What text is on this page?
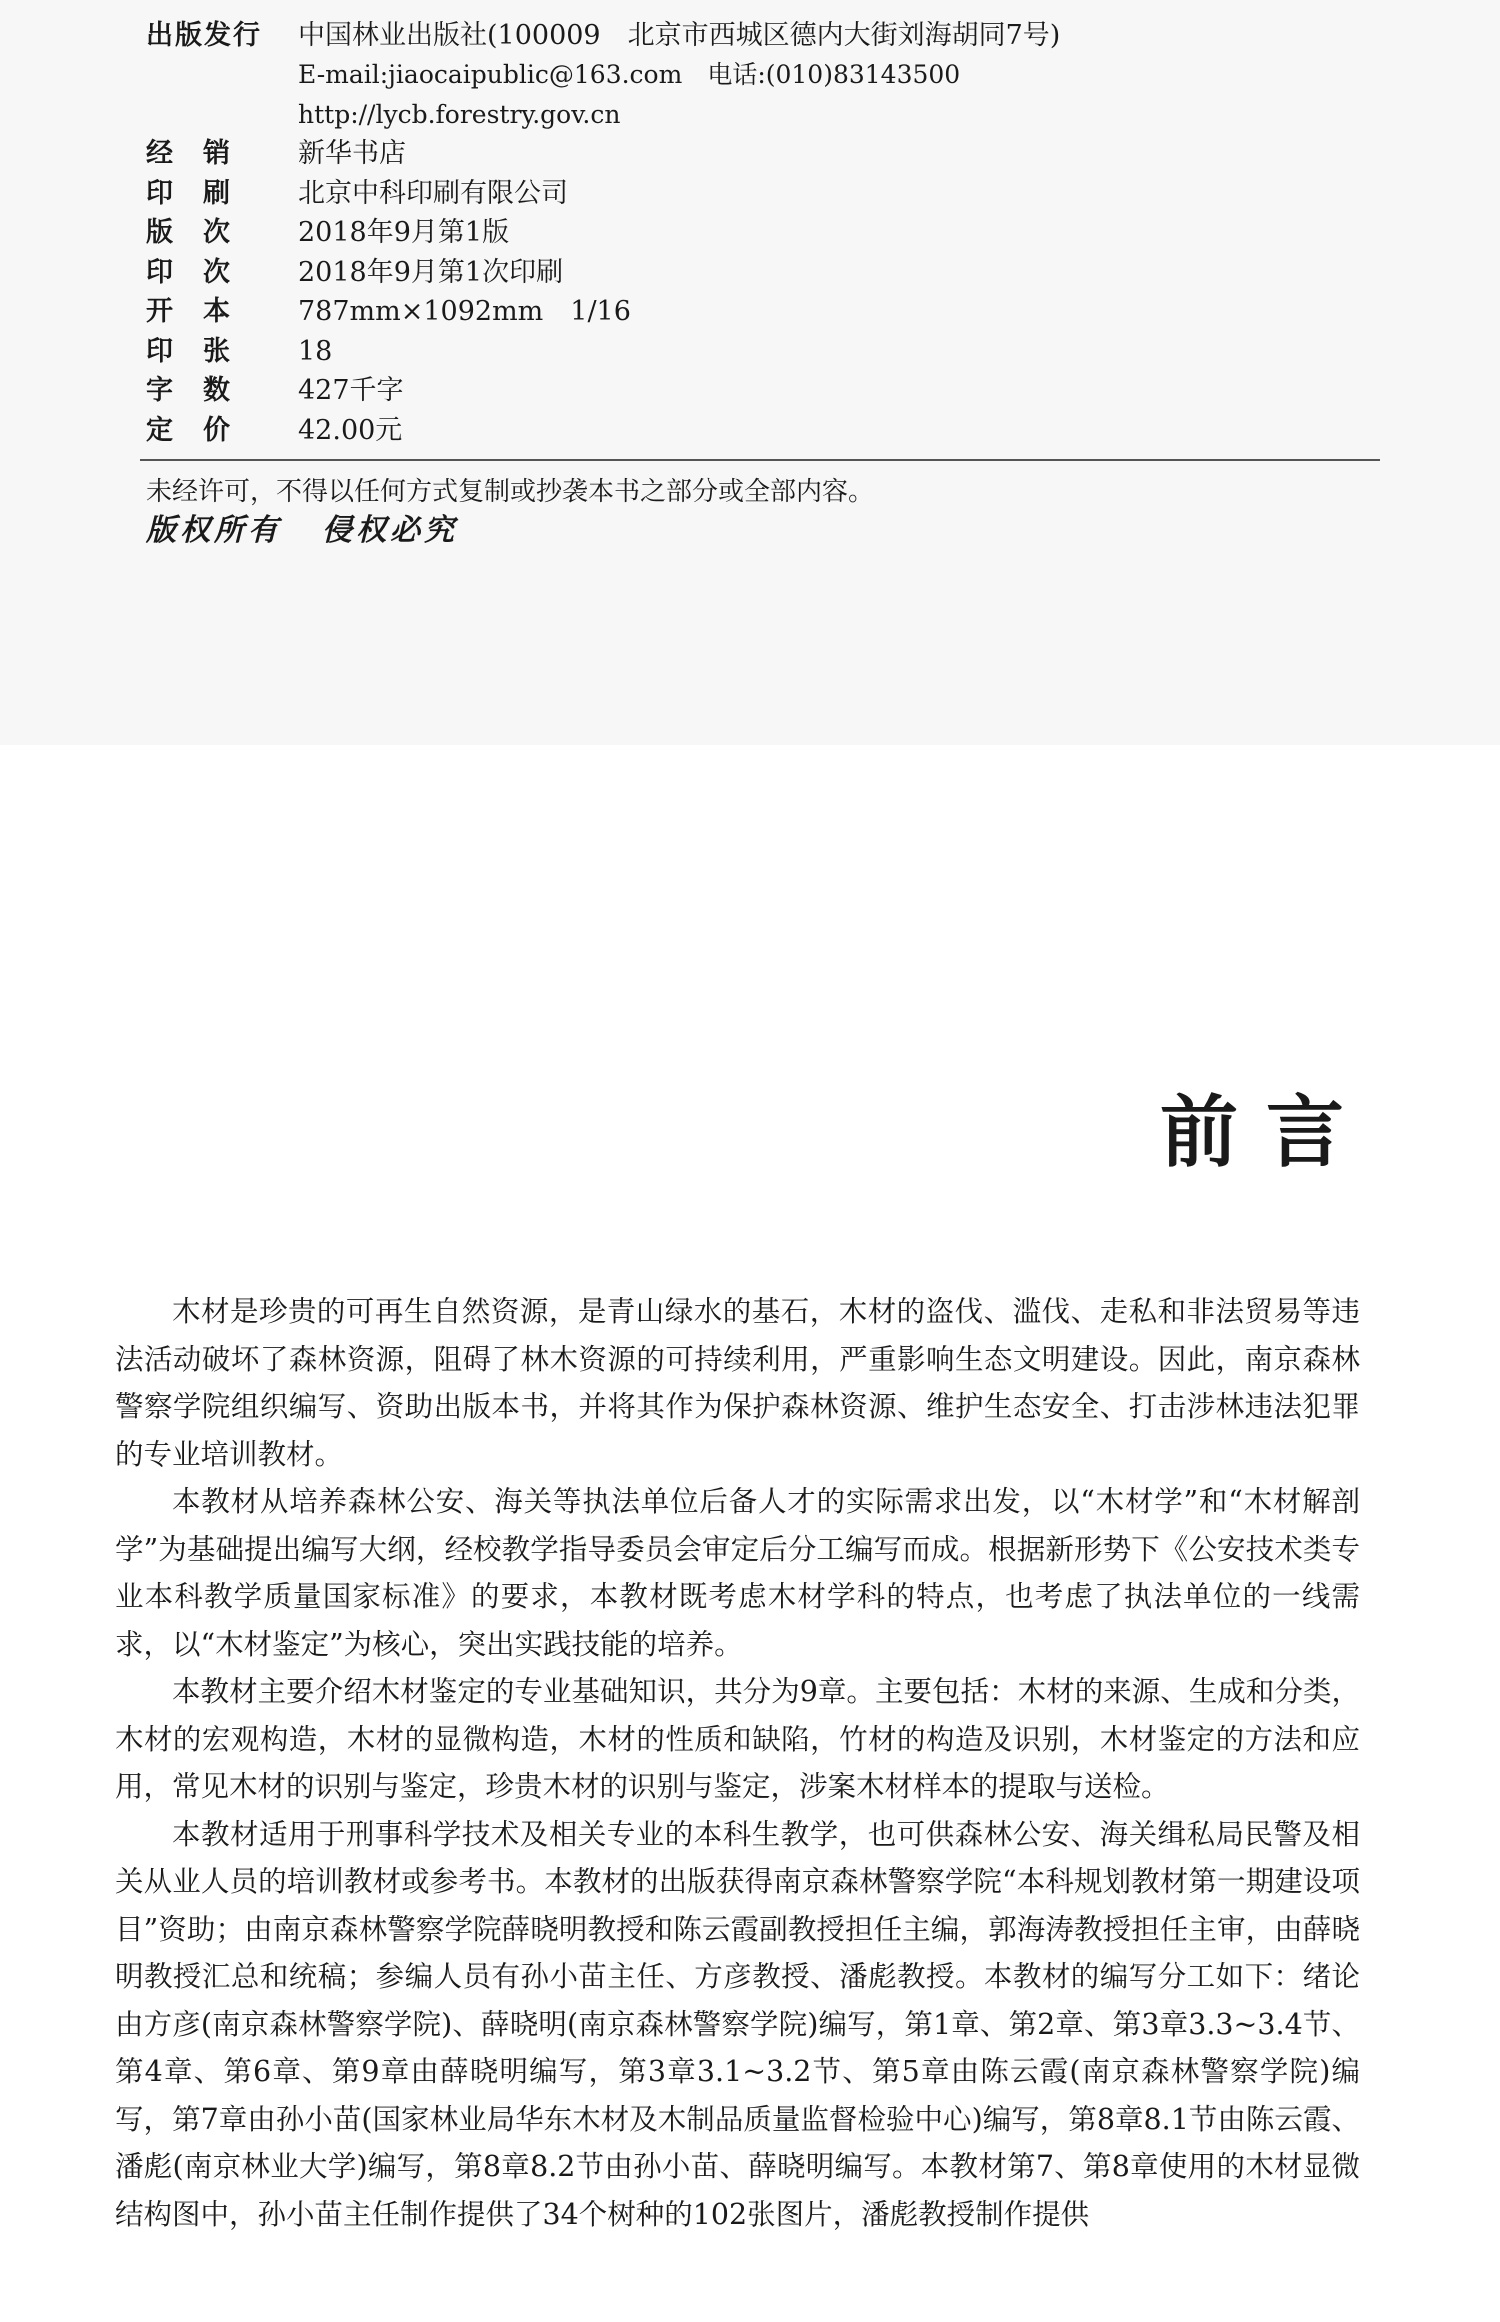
出版发行 中国林业出版社(100009　北京市西城区德内大街刘海胡同7号)
E-mail:jiaocaipublic@163.com　电话:(010)83143500
http://lycb.forestry.gov.cn
经销 新华书店
印刷 北京中科印刷有限公司
版次 2018年9月第1版
印次 2018年9月第1次印刷
开本 787mm×1092mm　1/16
印张 18
字数 427千字
定价 42.00元
未经许可，不得以任何方式复制或抄袭本书之部分或全部内容。
版权所有 侵权必究
前言

木材是珍贵的可再生自然资源，是青山绿水的基石，木材的盗伐、滥伐、走私和非法贸易等违法活动破坏了森林资源，阻碍了林木资源的可持续利用，严重影响生态文明建设。因此，南京森林警察学院组织编写、资助出版本书，并将其作为保护森林资源、维护生态安全、打击涉林违法犯罪的专业培训教材。

本教材从培养森林公安、海关等执法单位后备人才的实际需求出发，以“木材学”和“木材解剖学”为基础提出编写大纲，经校教学指导委员会审定后分工编写而成。根据新形势下《公安技术类专业本科教学质量国家标准》的要求，本教材既考虑木材学科的特点，也考虑了执法单位的一线需求，以“木材鉴定”为核心，突出实践技能的培养。

本教材主要介绍木材鉴定的专业基础知识，共分为9章。主要包括：木材的来源、生成和分类，木材的宏观构造，木材的显微构造，木材的性质和缺陷，竹材的构造及识别，木材鉴定的方法和应用，常见木材的识别与鉴定，珍贵木材的识别与鉴定，涉案木材样本的提取与送检。

本教材适用于刑事科学技术及相关专业的本科生教学，也可供森林公安、海关缉私局民警及相关从业人员的培训教材或参考书。本教材的出版获得南京森林警察学院“本科规划教材第一期建设项目”资助；由南京森林警察学院薛晓明教授和陈云霞副教授担任主编，郭海涛教授担任主审，由薛晓明教授汇总和统稿；参编人员有孙小苗主任、方彦教授、潘彪教授。本教材的编写分工如下：绪论由方彦(南京森林警察学院)、薛晓明(南京森林警察学院)编写，第1章、第2章、第3章3.3~3.4节、第4章、第6章、第9章由薛晓明编写，第3章3.1~3.2节、第5章由陈云霞(南京森林警察学院)编写，第7章由孙小苗(国家林业局华东木材及木制品质量监督检验中心)编写，第8章8.1节由陈云霞、潘彪(南京林业大学)编写，第8章8.2节由孙小苗、薛晓明编写。本教材第7、第8章使用的木材显微结构图中，孙小苗主任制作提供了34个树种的102张图片，潘彪教授制作提供
